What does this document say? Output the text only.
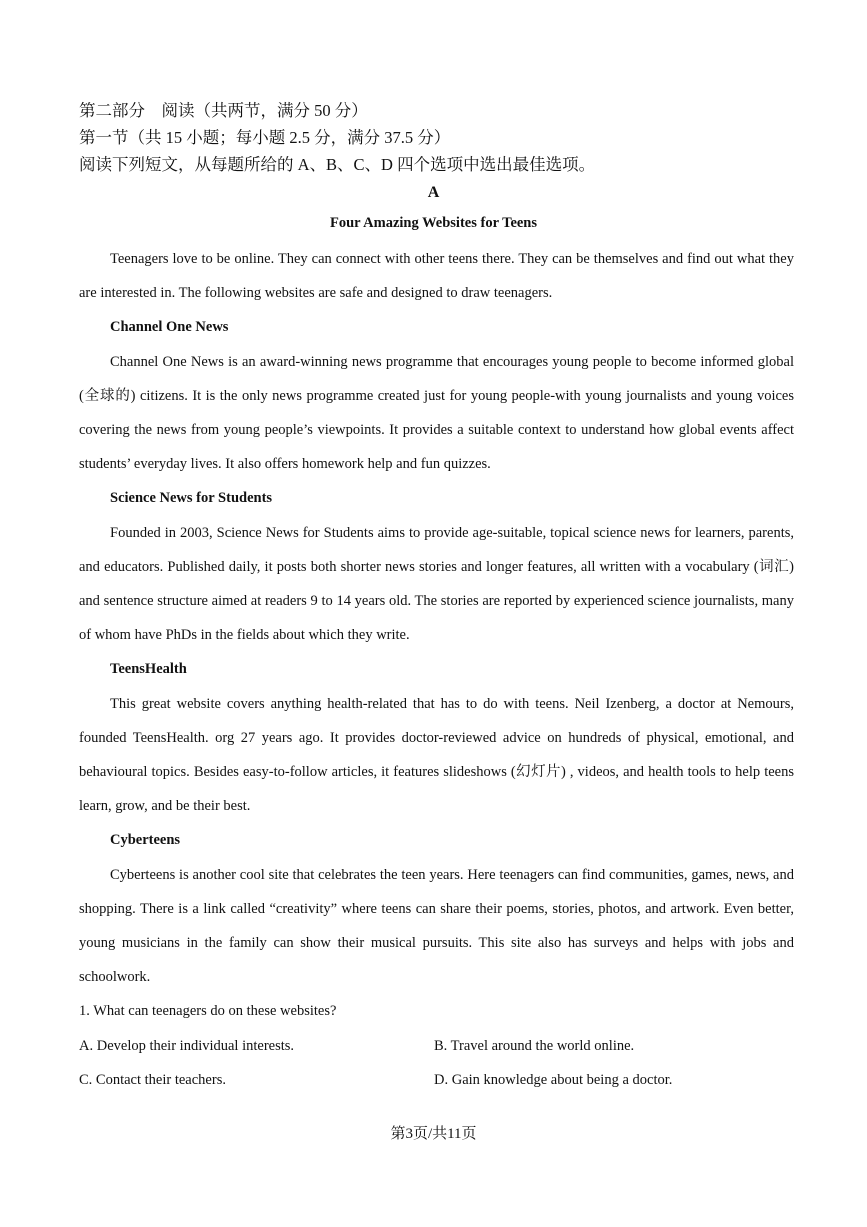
第二部分　阅读（共两节，满分 50 分）
第一节（共 15 小题；每小题 2.5 分，满分 37.5 分）
阅读下列短文，从每题所给的 A、B、C、D 四个选项中选出最佳选项。
A
Four Amazing Websites for Teens

Teenagers love to be online. They can connect with other teens there. They can be themselves and find out what they are interested in. The following websites are safe and designed to draw teenagers.

Channel One News

Channel One News is an award-winning news programme that encourages young people to become informed global (全球的) citizens. It is the only news programme created just for young people-with young journalists and young voices covering the news from young people’s viewpoints. It provides a suitable context to understand how global events affect students’ everyday lives. It also offers homework help and fun quizzes.

Science News for Students

Founded in 2003, Science News for Students aims to provide age-suitable, topical science news for learners, parents, and educators. Published daily, it posts both shorter news stories and longer features, all written with a vocabulary (词汇) and sentence structure aimed at readers 9 to 14 years old. The stories are reported by experienced science journalists, many of whom have PhDs in the fields about which they write.

TeensHealth

This great website covers anything health-related that has to do with teens. Neil Izenberg, a doctor at Nemours, founded TeensHealth. org 27 years ago. It provides doctor-reviewed advice on hundreds of physical, emotional, and behavioural topics. Besides easy-to-follow articles, it features slideshows (幻灯片) , videos, and health tools to help teens learn, grow, and be their best.

Cyberteens

Cyberteens is another cool site that celebrates the teen years. Here teenagers can find communities, games, news, and shopping. There is a link called “creativity” where teens can share their poems, stories, photos, and artwork. Even better, young musicians in the family can show their musical pursuits. This site also has surveys and helps with jobs and schoolwork.

1. What can teenagers do on these websites?
A. Develop their individual interests.	B. Travel around the world online.
C. Contact their teachers.	D. Gain knowledge about being a doctor.
第3页/共11页
